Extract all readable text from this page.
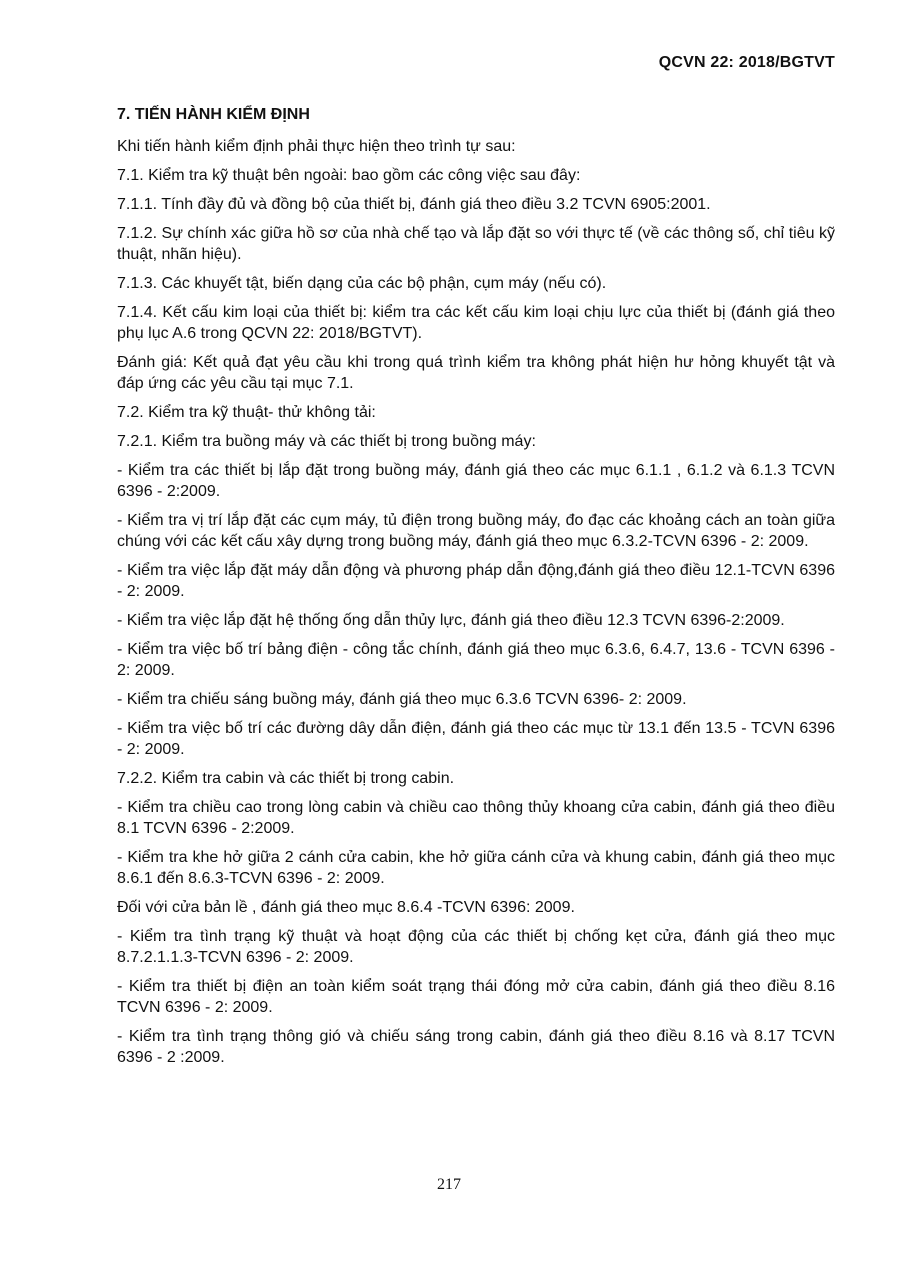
QCVN 22: 2018/BGTVT
7. TIẾN HÀNH KIỂM ĐỊNH

Khi tiến hành kiểm định phải thực hiện theo trình tự sau:

7.1. Kiểm tra kỹ thuật bên ngoài: bao gồm các công việc sau đây:

7.1.1. Tính đầy đủ và đồng bộ của thiết bị, đánh giá theo điều 3.2 TCVN 6905:2001.

7.1.2. Sự chính xác giữa hồ sơ của nhà chế tạo và lắp đặt so với thực tế (về các thông số, chỉ tiêu kỹ thuật, nhãn hiệu).

7.1.3. Các khuyết tật, biến dạng của các bộ phận, cụm máy (nếu có).

7.1.4. Kết cấu kim loại của thiết bị: kiểm tra các kết cấu kim loại chịu lực của thiết bị (đánh giá theo phụ lục A.6 trong QCVN 22: 2018/BGTVT).

Đánh giá: Kết quả đạt yêu cầu khi trong quá trình kiểm tra không phát hiện hư hỏng khuyết tật và đáp ứng các yêu cầu tại mục 7.1.

7.2. Kiểm tra kỹ thuật- thử không tải:

7.2.1. Kiểm tra buồng máy và các thiết bị trong buồng máy:

- Kiểm tra các thiết bị lắp đặt trong buồng máy, đánh giá theo các mục 6.1.1 , 6.1.2 và 6.1.3 TCVN 6396 - 2:2009.

- Kiểm tra vị trí lắp đặt các cụm máy, tủ điện trong buồng máy, đo đạc các khoảng cách an toàn giữa chúng với các kết cấu xây dựng trong buồng máy, đánh giá theo mục 6.3.2-TCVN 6396 - 2: 2009.

- Kiểm tra việc lắp đặt máy dẫn động và phương pháp dẫn động,đánh giá theo điều 12.1-TCVN 6396 - 2: 2009.

- Kiểm tra việc lắp đặt hệ thống ống dẫn thủy lực, đánh giá theo điều 12.3 TCVN 6396-2:2009.

- Kiểm tra việc bố trí bảng điện - công tắc chính, đánh giá theo mục 6.3.6, 6.4.7, 13.6 - TCVN 6396 - 2: 2009.

- Kiểm tra chiếu sáng buồng máy, đánh giá theo mục 6.3.6 TCVN 6396- 2: 2009.

- Kiểm tra việc bố trí các đường dây dẫn điện, đánh giá theo các mục từ 13.1 đến 13.5 - TCVN 6396 - 2: 2009.

7.2.2. Kiểm tra cabin và các thiết bị trong cabin.

- Kiểm tra chiều cao trong lòng cabin và chiều cao thông thủy khoang cửa cabin, đánh giá theo điều 8.1 TCVN 6396 - 2:2009.

- Kiểm tra khe hở giữa 2 cánh cửa cabin, khe hở giữa cánh cửa và khung cabin, đánh giá theo mục 8.6.1 đến 8.6.3-TCVN 6396 - 2: 2009.

Đối với cửa bản lề , đánh giá theo mục 8.6.4 -TCVN 6396: 2009.

- Kiểm tra tình trạng kỹ thuật và hoạt động của các thiết bị chống kẹt cửa, đánh giá theo mục 8.7.2.1.1.3-TCVN 6396 - 2: 2009.

- Kiểm tra thiết bị điện an toàn kiểm soát trạng thái đóng mở cửa cabin, đánh giá theo điều 8.16 TCVN 6396 - 2: 2009.

- Kiểm tra tình trạng thông gió và chiếu sáng trong cabin, đánh giá theo điều 8.16 và 8.17 TCVN 6396 - 2 :2009.

217
